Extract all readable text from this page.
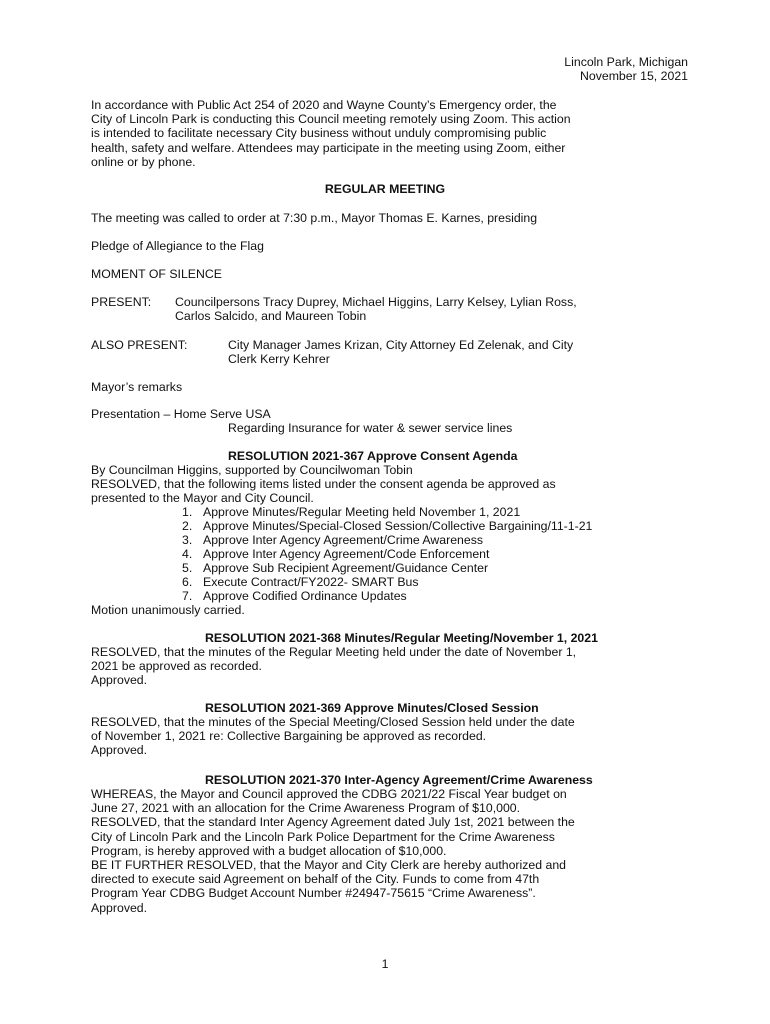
Lincoln Park, Michigan
November 15, 2021
In accordance with Public Act 254 of 2020 and Wayne County’s Emergency order, the
City of Lincoln Park is conducting this Council meeting remotely using Zoom. This action
is intended to facilitate necessary City business without unduly compromising public
health, safety and welfare. Attendees may participate in the meeting using Zoom, either
online or by phone.
REGULAR MEETING
The meeting was called to order at 7:30 p.m., Mayor Thomas E. Karnes, presiding
Pledge of Allegiance to the Flag
MOMENT OF SILENCE
PRESENT: Councilpersons Tracy Duprey, Michael Higgins, Larry Kelsey, Lylian Ross,
Carlos Salcido, and Maureen Tobin
ALSO PRESENT:	City Manager James Krizan, City Attorney Ed Zelenak, and City
Clerk Kerry Kehrer
Mayor’s remarks
Presentation – Home Serve USA
Regarding Insurance for water & sewer service lines
RESOLUTION 2021-367 Approve Consent Agenda
By Councilman Higgins, supported by Councilwoman Tobin
RESOLVED, that the following items listed under the consent agenda be approved as
presented to the Mayor and City Council.
1. Approve Minutes/Regular Meeting held November 1, 2021
2. Approve Minutes/Special-Closed Session/Collective Bargaining/11-1-21
3. Approve Inter Agency Agreement/Crime Awareness
4. Approve Inter Agency Agreement/Code Enforcement
5. Approve Sub Recipient Agreement/Guidance Center
6. Execute Contract/FY2022- SMART Bus
7. Approve Codified Ordinance Updates
Motion unanimously carried.
RESOLUTION 2021-368 Minutes/Regular Meeting/November 1, 2021
RESOLVED, that the minutes of the Regular Meeting held under the date of November 1,
2021 be approved as recorded.
Approved.
RESOLUTION 2021-369 Approve Minutes/Closed Session
RESOLVED, that the minutes of the Special Meeting/Closed Session held under the date
of November 1, 2021 re: Collective Bargaining be approved as recorded.
Approved.
RESOLUTION 2021-370 Inter-Agency Agreement/Crime Awareness
WHEREAS, the Mayor and Council approved the CDBG 2021/22 Fiscal Year budget on
June 27, 2021 with an allocation for the Crime Awareness Program of $10,000.
RESOLVED, that the standard Inter Agency Agreement dated July 1st, 2021 between the
City of Lincoln Park and the Lincoln Park Police Department for the Crime Awareness
Program, is hereby approved with a budget allocation of $10,000.
BE IT FURTHER RESOLVED, that the Mayor and City Clerk are hereby authorized and
directed to execute said Agreement on behalf of the City. Funds to come from 47th
Program Year CDBG Budget Account Number #24947-75615 “Crime Awareness”.
Approved.
1
